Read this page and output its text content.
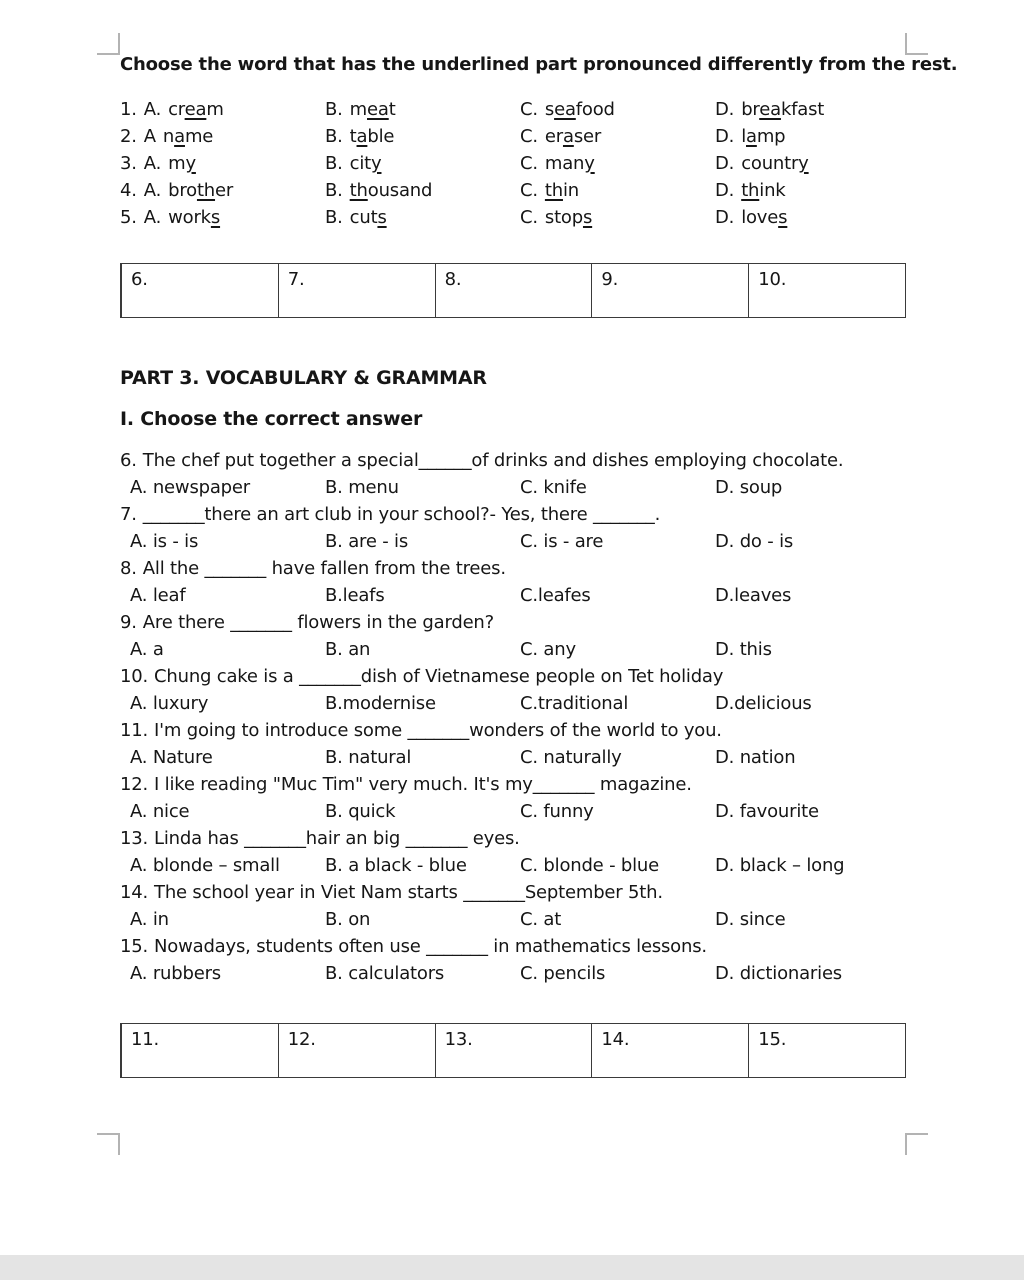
Choose the word that has the underlined part pronounced differently from the rest.
1. A. cream	B. meat	C. seafood	D. breakfast
2. A name	B. table	C. eraser	D. lamp
3. A. my	B. city	C. many	D. country
4. A. brother	B. thousand	C. thin	D. think
5. A. works	B. cuts	C. stops	D. loves
6.	7.	8.	9.	10.
PART 3. VOCABULARY & GRAMMAR
I. Choose the correct answer
6. The chef put together a special______of drinks and dishes employing chocolate.
A. newspaper	B. menu	C. knife	D. soup
7. _______there an art club in your school?- Yes, there _______.
A. is - is	B. are - is	C. is - are	D. do - is
8. All the _______ have fallen from the trees.
A. leaf	B.leafs	C.leafes	D.leaves
9. Are there _______ flowers in the garden?
A. a	B. an	C. any	D. this
10. Chung cake is a _______dish of Vietnamese people on Tet holiday
A. luxury	B.modernise	C.traditional	D.delicious
11. I'm going to introduce some _______wonders of the world to you.
A. Nature	B. natural	C. naturally	D. nation
12. I like reading "Muc Tim" very much. It's my_______ magazine.
A. nice	B. quick	C. funny	D. favourite
13. Linda has _______hair an big _______ eyes.
A. blonde – small	B. a black - blue	C. blonde - blue	D. black – long
14. The school year in Viet Nam starts _______September 5th.
A. in	B. on	C. at	D. since
15. Nowadays, students often use _______ in mathematics lessons.
A. rubbers	B. calculators	C. pencils	D. dictionaries
11.	12.	13.	14.	15.
